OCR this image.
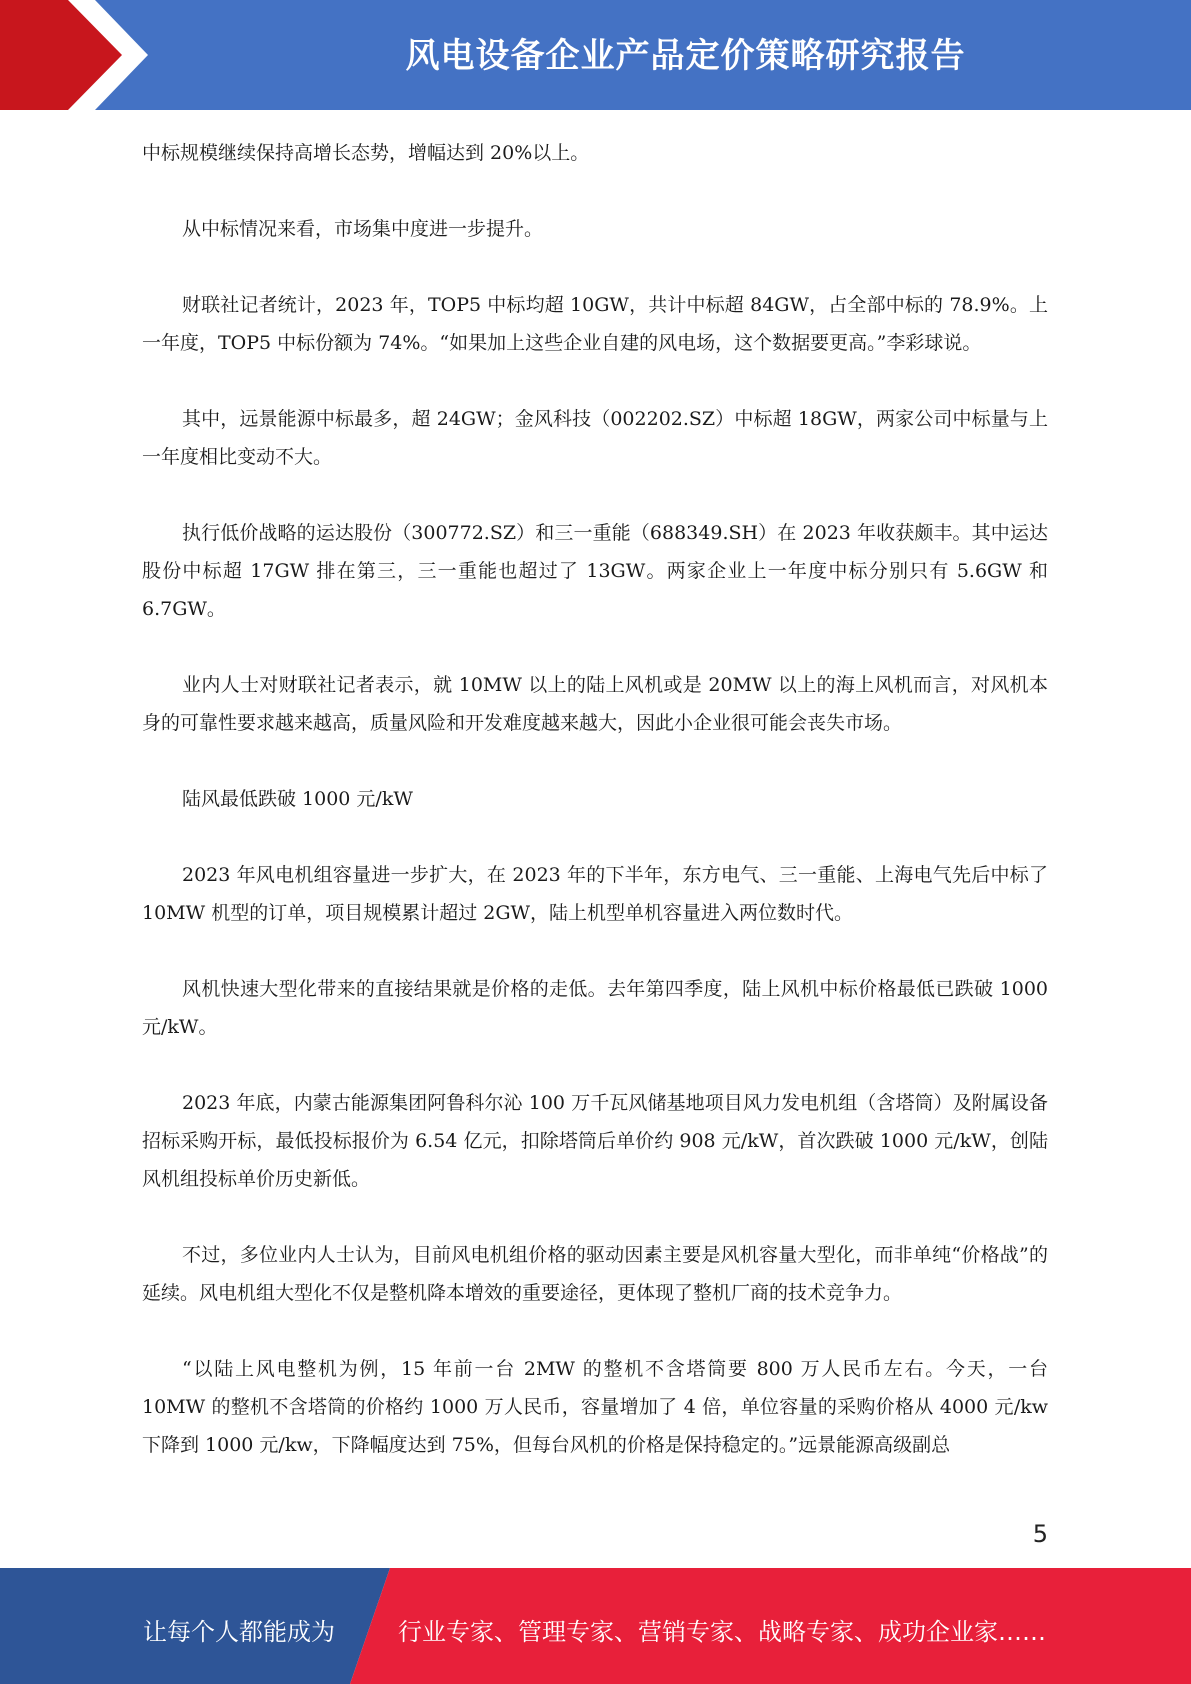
风电设备企业产品定价策略研究报告

中标规模继续保持高增长态势，增幅达到 20%以上。

从中标情况来看，市场集中度进一步提升。

财联社记者统计，2023 年，TOP5 中标均超 10GW，共计中标超 84GW，占全部中标的 78.9%。上一年度，TOP5 中标份额为 74%。“如果加上这些企业自建的风电场，这个数据要更高。”李彩球说。

其中，远景能源中标最多，超 24GW；金风科技（002202.SZ）中标超 18GW，两家公司中标量与上一年度相比变动不大。

执行低价战略的运达股份（300772.SZ）和三一重能（688349.SH）在 2023 年收获颇丰。其中运达股份中标超 17GW 排在第三，三一重能也超过了 13GW。两家企业上一年度中标分别只有 5.6GW 和 6.7GW。

业内人士对财联社记者表示，就 10MW 以上的陆上风机或是 20MW 以上的海上风机而言，对风机本身的可靠性要求越来越高，质量风险和开发难度越来越大，因此小企业很可能会丧失市场。

陆风最低跌破 1000 元/kW

2023 年风电机组容量进一步扩大，在 2023 年的下半年，东方电气、三一重能、上海电气先后中标了 10MW 机型的订单，项目规模累计超过 2GW，陆上机型单机容量进入两位数时代。

风机快速大型化带来的直接结果就是价格的走低。去年第四季度，陆上风机中标价格最低已跌破 1000 元/kW。

2023 年底，内蒙古能源集团阿鲁科尔沁 100 万千瓦风储基地项目风力发电机组（含塔筒）及附属设备招标采购开标，最低投标报价为 6.54 亿元，扣除塔筒后单价约 908 元/kW，首次跌破 1000 元/kW，创陆风机组投标单价历史新低。

不过，多位业内人士认为，目前风电机组价格的驱动因素主要是风机容量大型化，而非单纯“价格战”的延续。风电机组大型化不仅是整机降本增效的重要途径，更体现了整机厂商的技术竞争力。

“以陆上风电整机为例，15 年前一台 2MW 的整机不含塔筒要 800 万人民币左右。今天，一台 10MW 的整机不含塔筒的价格约 1000 万人民币，容量增加了 4 倍，单位容量的采购价格从 4000 元/kw 下降到 1000 元/kw，下降幅度达到 75%，但每台风机的价格是保持稳定的。”远景能源高级副总

5
让每个人都能成为	行业专家、管理专家、营销专家、战略专家、成功企业家……
